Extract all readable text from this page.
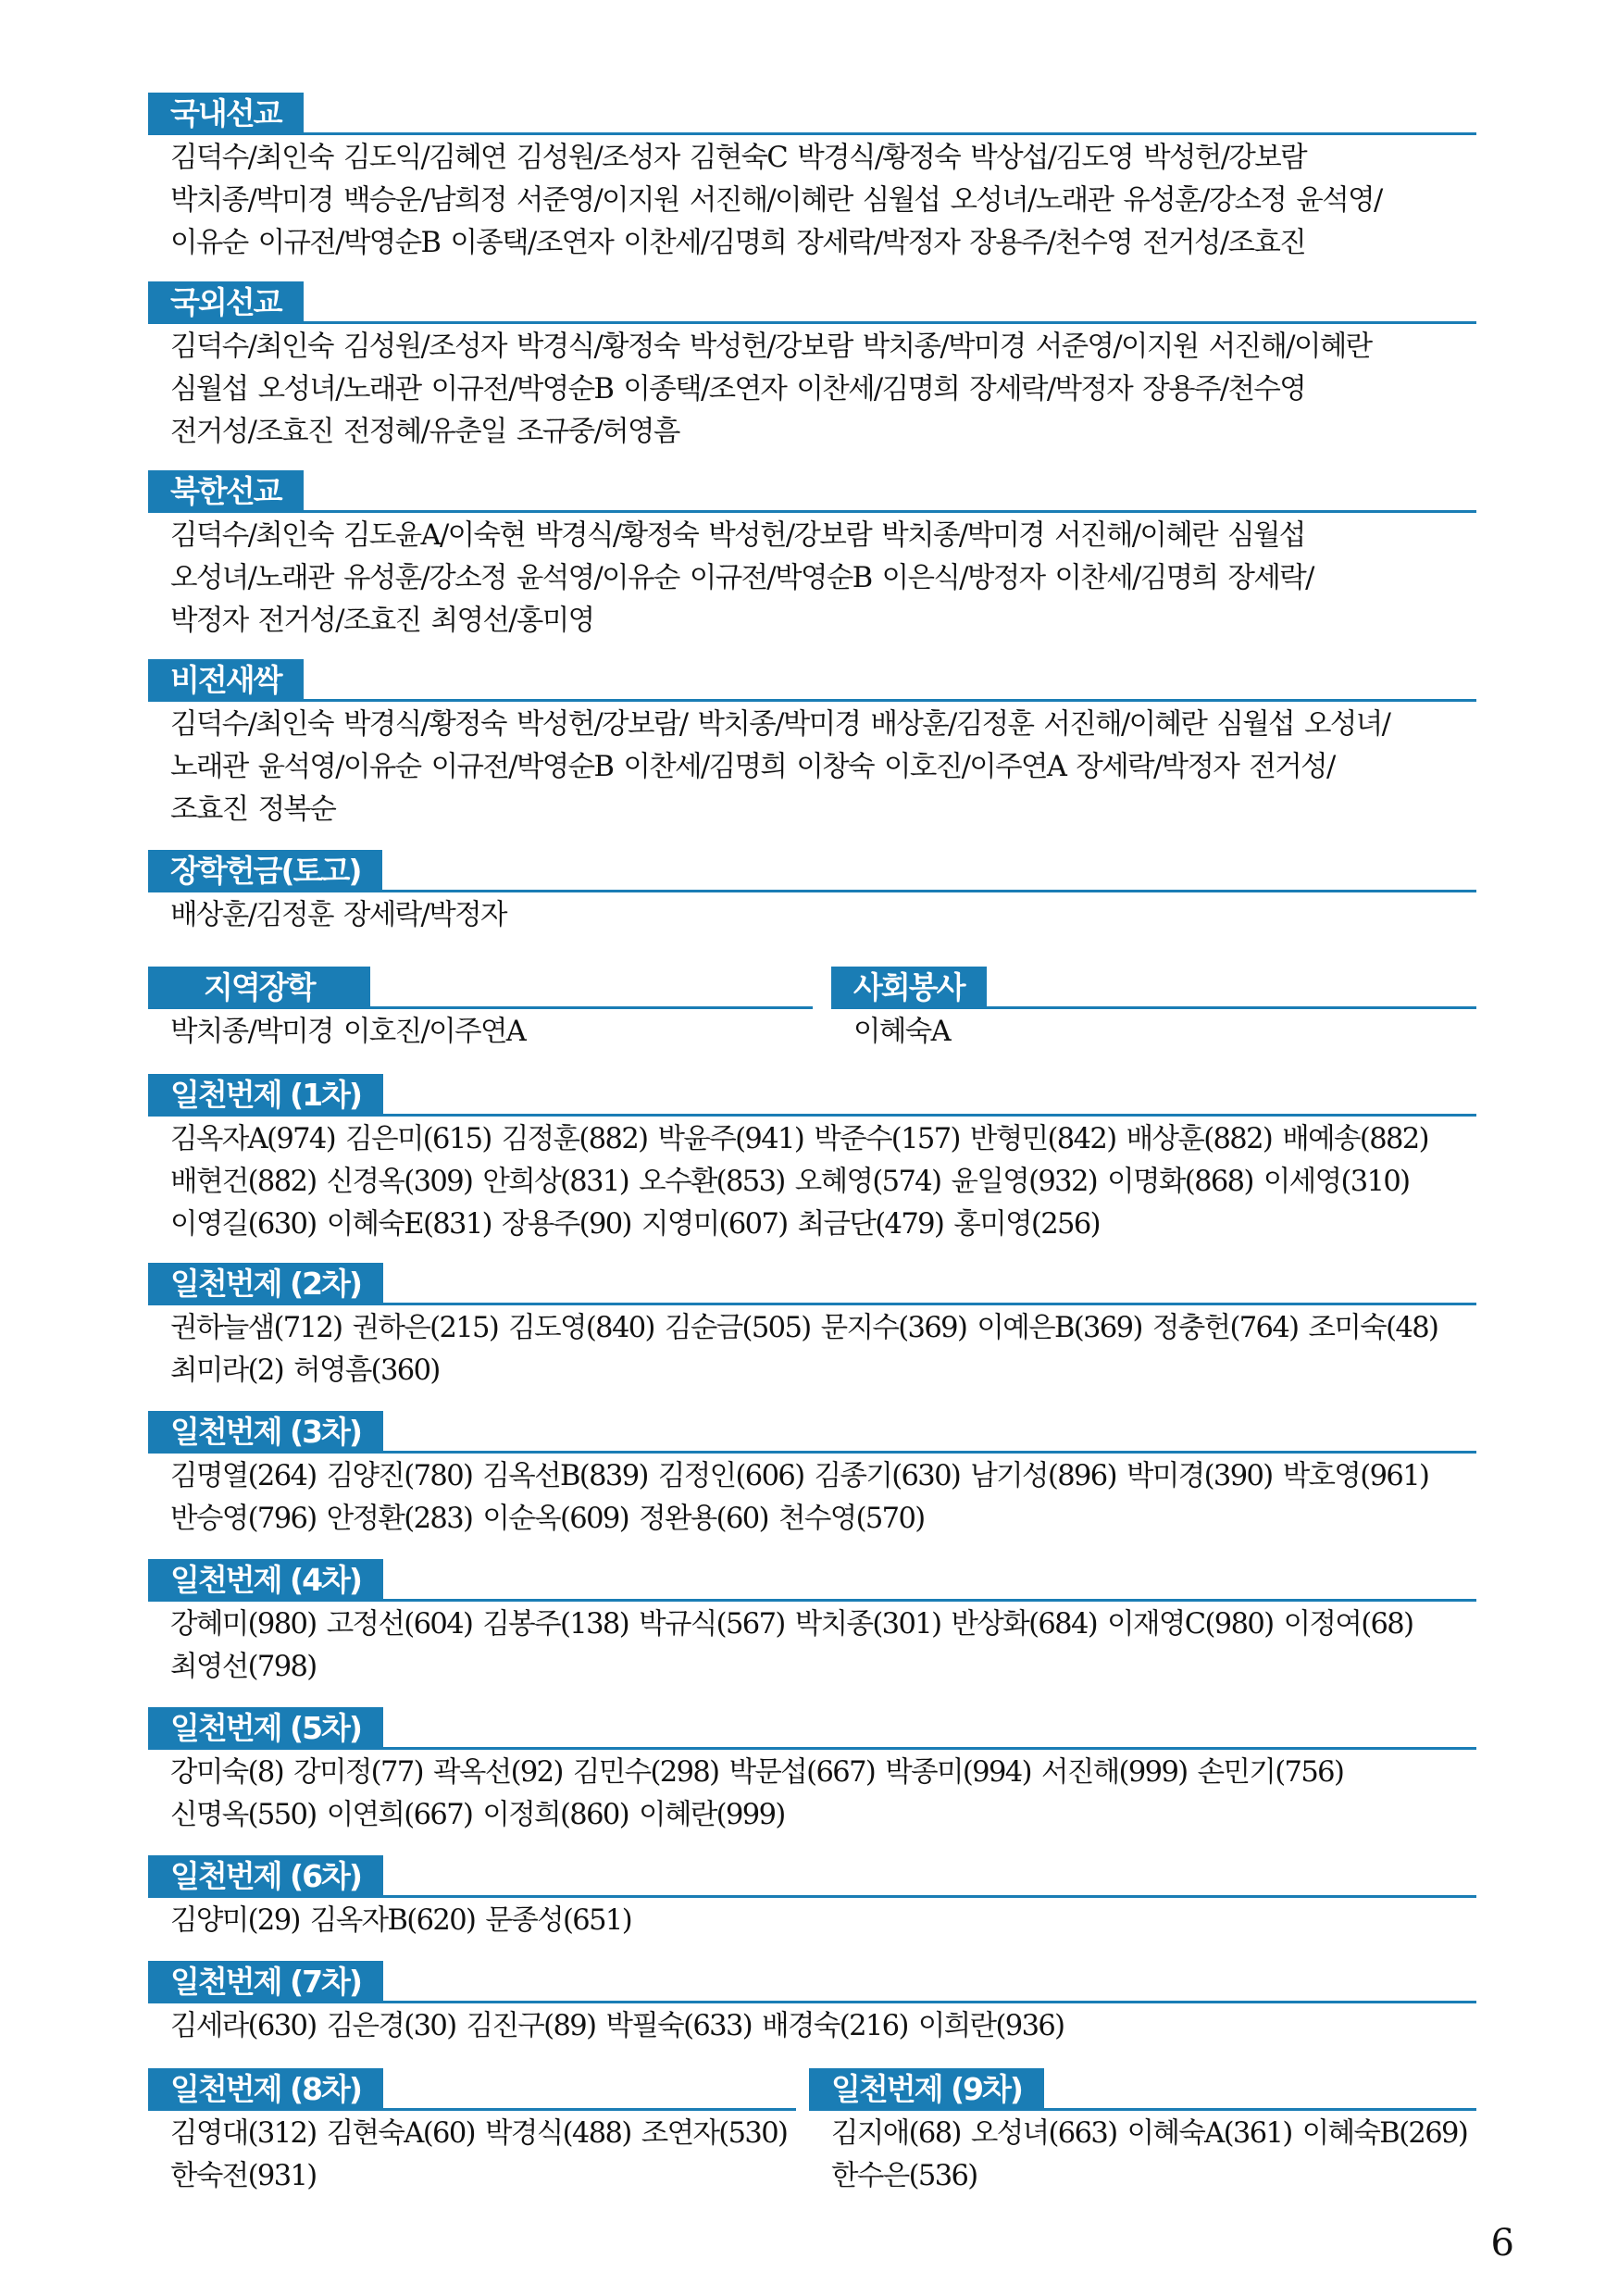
국내선교
김덕수/최인숙 김도익/김혜연 김성원/조성자 김현숙C 박경식/황정숙 박상섭/김도영 박성헌/강보람
박치종/박미경 백승운/남희정 서준영/이지원 서진해/이혜란 심월섭 오성녀/노래관 유성훈/강소정 윤석영/
이유순 이규전/박영순B 이종택/조연자 이찬세/김명희 장세락/박정자 장용주/천수영 전거성/조효진
국외선교
김덕수/최인숙 김성원/조성자 박경식/황정숙 박성헌/강보람 박치종/박미경 서준영/이지원 서진해/이혜란
심월섭 오성녀/노래관 이규전/박영순B 이종택/조연자 이찬세/김명희 장세락/박정자 장용주/천수영
전거성/조효진 전정혜/유춘일 조규중/허영흠
북한선교
김덕수/최인숙 김도윤A/이숙현 박경식/황정숙 박성헌/강보람 박치종/박미경 서진해/이혜란 심월섭
오성녀/노래관 유성훈/강소정 윤석영/이유순 이규전/박영순B 이은식/방정자 이찬세/김명희 장세락/
박정자 전거성/조효진 최영선/홍미영
비전새싹
김덕수/최인숙 박경식/황정숙 박성헌/강보람/ 박치종/박미경 배상훈/김정훈 서진해/이혜란 심월섭 오성녀/
노래관 윤석영/이유순 이규전/박영순B 이찬세/김명희 이창숙 이호진/이주연A 장세락/박정자 전거성/
조효진 정복순
장학헌금(토고)
배상훈/김정훈 장세락/박정자
지역장학
박치종/박미경 이호진/이주연A
사회봉사
이혜숙A
일천번제 (1차)
김옥자A(974) 김은미(615) 김정훈(882) 박윤주(941) 박준수(157) 반형민(842) 배상훈(882) 배예송(882)
배현건(882) 신경옥(309) 안희상(831) 오수환(853) 오혜영(574) 윤일영(932) 이명화(868) 이세영(310)
이영길(630) 이혜숙E(831) 장용주(90) 지영미(607) 최금단(479) 홍미영(256)
일천번제 (2차)
권하늘샘(712) 권하은(215) 김도영(840) 김순금(505) 문지수(369) 이예은B(369) 정충헌(764) 조미숙(48)
최미라(2) 허영흠(360)
일천번제 (3차)
김명열(264) 김양진(780) 김옥선B(839) 김정인(606) 김종기(630) 남기성(896) 박미경(390) 박호영(961)
반승영(796) 안정환(283) 이순옥(609) 정완용(60) 천수영(570)
일천번제 (4차)
강혜미(980) 고정선(604) 김봉주(138) 박규식(567) 박치종(301) 반상화(684) 이재영C(980) 이정여(68)
최영선(798)
일천번제 (5차)
강미숙(8) 강미정(77) 곽옥선(92) 김민수(298) 박문섭(667) 박종미(994) 서진해(999) 손민기(756)
신명옥(550) 이연희(667) 이정희(860) 이혜란(999)
일천번제 (6차)
김양미(29) 김옥자B(620) 문종성(651)
일천번제 (7차)
김세라(630) 김은경(30) 김진구(89) 박필숙(633) 배경숙(216) 이희란(936)
일천번제 (8차)
김영대(312) 김현숙A(60) 박경식(488) 조연자(530)
한숙전(931)
일천번제 (9차)
김지애(68) 오성녀(663) 이혜숙A(361) 이혜숙B(269)
한수은(536)
6
